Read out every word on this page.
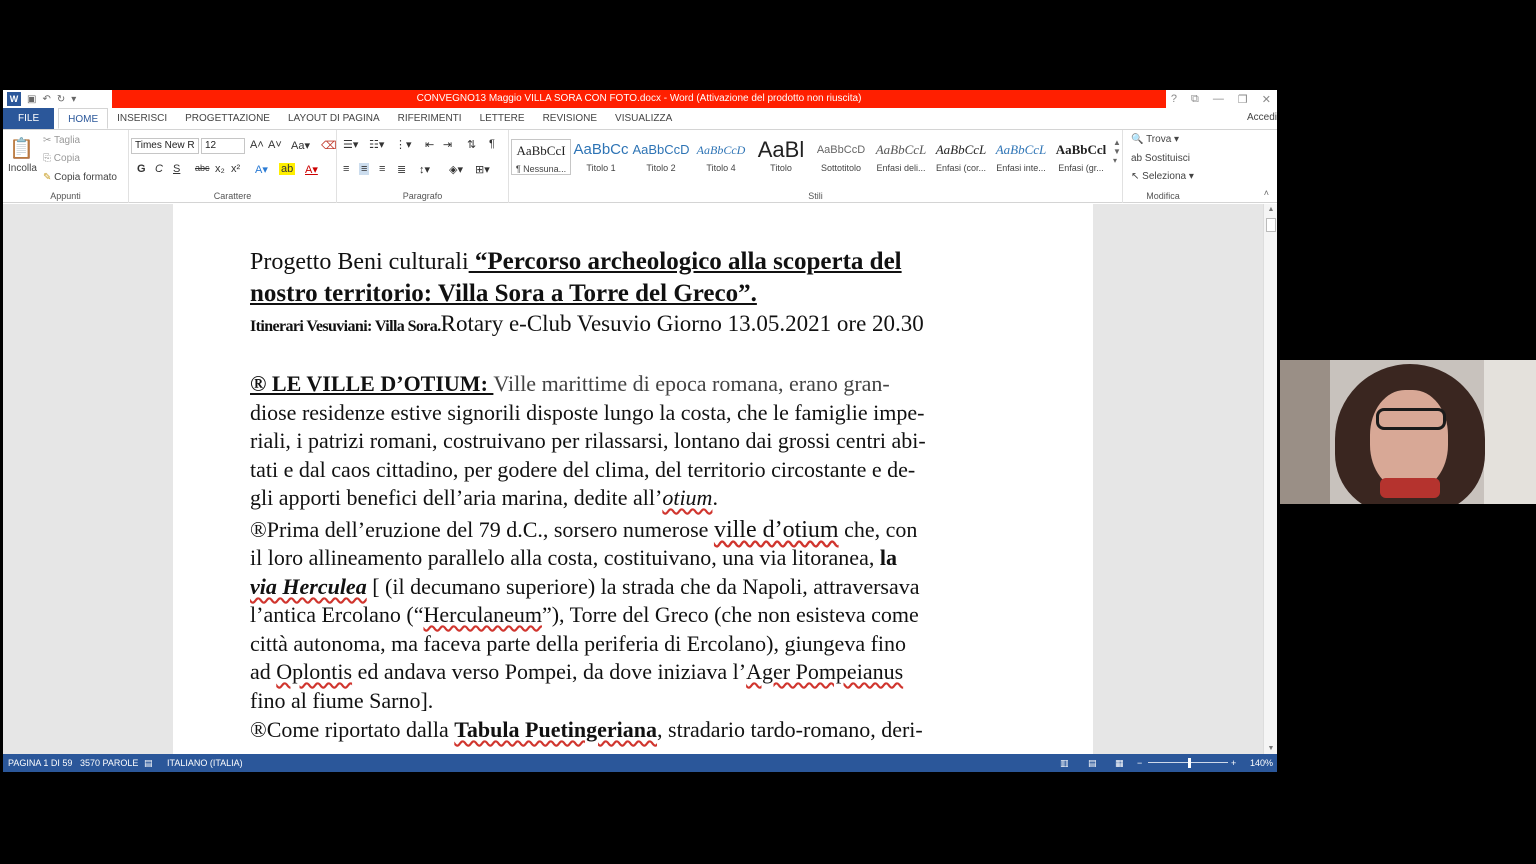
W ▣ ↶ ↻ ▾	CONVEGNO13 Maggio VILLA SORA CON FOTO.docx - Word (Attivazione del prodotto non riuscita)	? ⧉ — ❐ ✕
FILE	HOME	INSERISCI	PROGETTAZIONE	LAYOUT DI PAGINA	RIFERIMENTI	LETTERE	REVISIONE	VISUALIZZA	Accedi
📋
Incolla
✂ Taglia
⎘ Copia
✎ Copia formato
Appunti
Times New R	12	A˄ A˅ Aa▾ ⌫
G C S abc x₂ x² A▾ ab A▾
Carattere
☰▾ ☷▾ ⋮▾ ⇤ ⇥ ⇅ ¶
≡ ≡ ≡ ≣ ↕▾ ◈▾ ⊞▾
Paragrafo
AaBbCcI
¶ Nessuna...
AaBbCc
Titolo 1
AaBbCcD
Titolo 2
AaBbCcD
Titolo 4
AaBl
Titolo
AaBbCcD
Sottotitolo
AaBbCcL
Enfasi deli...
AaBbCcL
Enfasi (cor...
AaBbCcL
Enfasi inte...
AaBbCcl
Enfasi (gr...
▲
▼
▾
Stili
🔍 Trova ▾
ab Sostituisci
↖ Seleziona ▾
Modifica	˄
Progetto Beni culturali “Percorso archeologico alla scoperta del
nostro territorio: Villa Sora a Torre del Greco”.
Itinerari Vesuviani: Villa Sora.Rotary e-Club Vesuvio Giorno 13.05.2021 ore 20.30
® LE VILLE D’OTIUM: Ville marittime di epoca romana, erano gran-
diose residenze estive signorili disposte lungo la costa, che le famiglie impe-
riali, i patrizi romani, costruivano per rilassarsi, lontano dai grossi centri abi-
tati e dal caos cittadino, per godere del clima, del territorio circostante e de-
gli apporti benefici dell’aria marina, dedite all’otium.
®Prima dell’eruzione del 79 d.C., sorsero numerose ville d’otium che, con
il loro allineamento parallelo alla costa, costituivano, una via litoranea, la
via Herculea [ (il decumano superiore) la strada che da Napoli, attraversava
l’antica Ercolano (“Herculaneum”), Torre del Greco (che non esisteva come
città autonoma, ma faceva parte della periferia di Ercolano), giungeva fino
ad Oplontis ed andava verso Pompei, da dove iniziava l’Ager Pompeianus
fino al fiume Sarno].
®Come riportato dalla Tabula Puetingeriana, stradario tardo-romano, deri-
▲
▼
PAGINA 1 DI 59 3570 PAROLE ▤ ITALIANO (ITALIA)	▥ ▤ ▦ −	+ 140%
